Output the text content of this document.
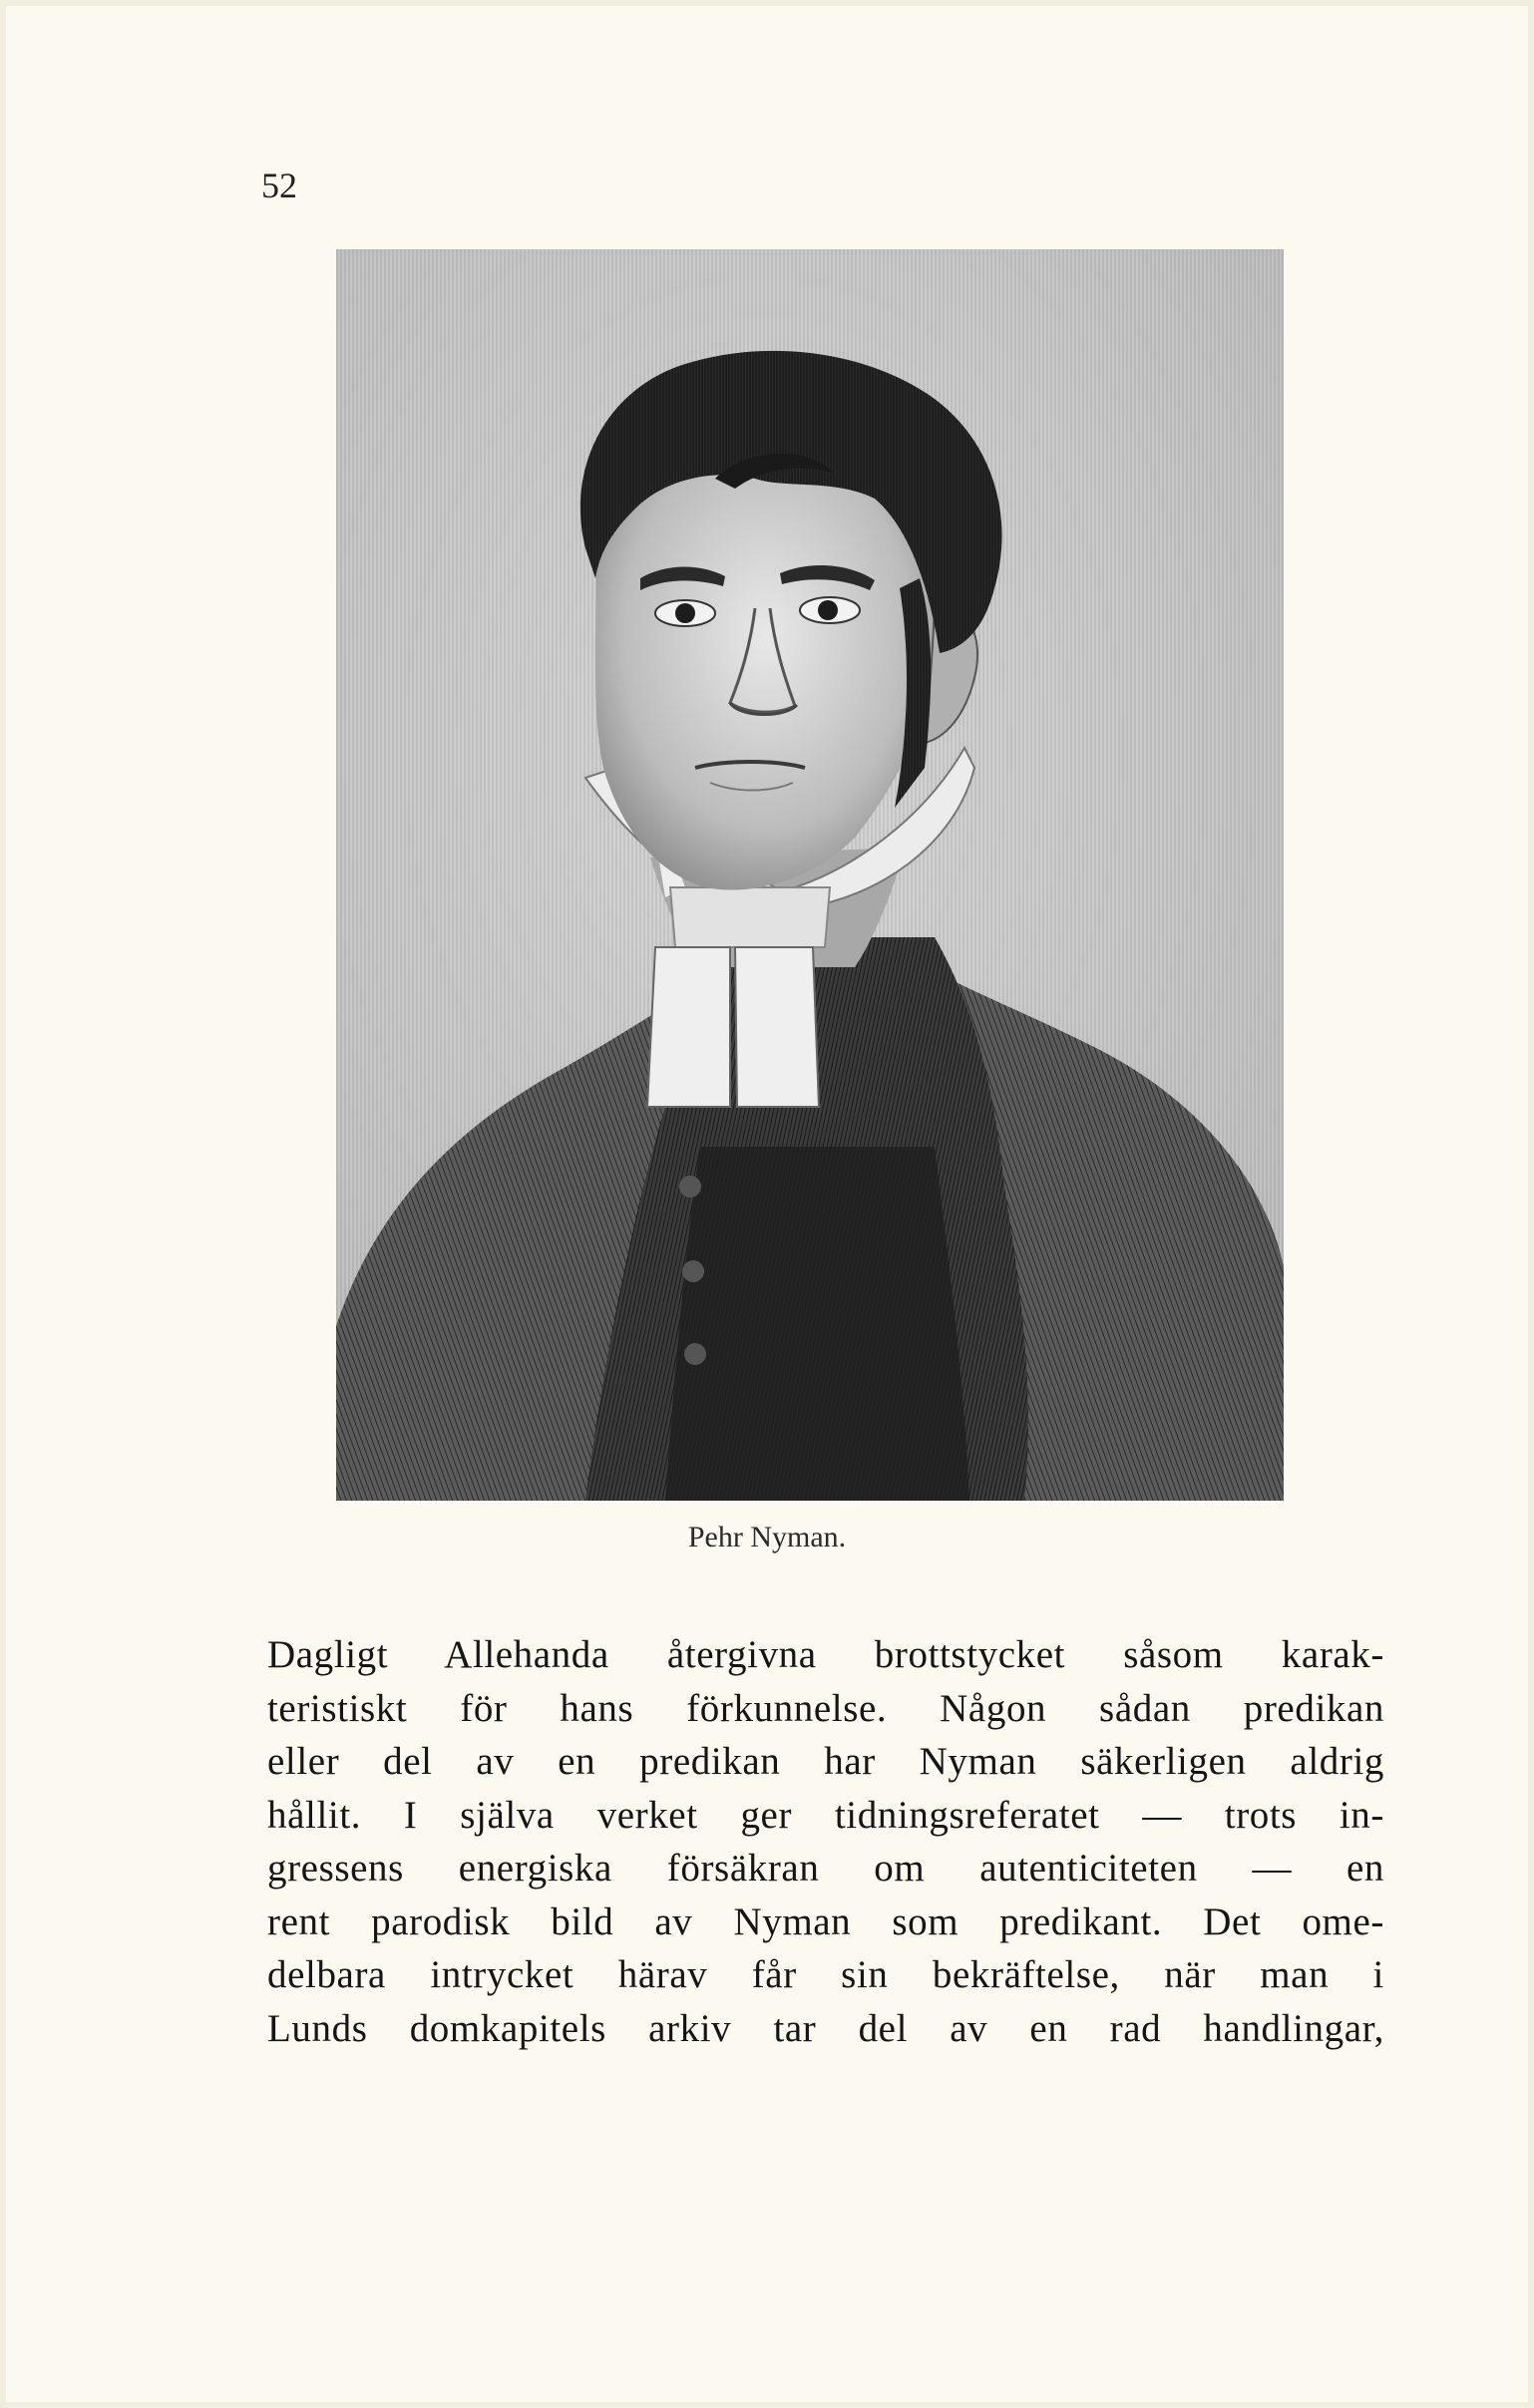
52
Pehr Nyman.
Dagligt Allehanda återgivna brottstycket såsom karak-
teristiskt för hans förkunnelse. Någon sådan predikan
eller del av en predikan har Nyman säkerligen aldrig
hållit. I själva verket ger tidningsreferatet — trots in-
gressens energiska försäkran om autenticiteten — en
rent parodisk bild av Nyman som predikant. Det ome-
delbara intrycket härav får sin bekräftelse, när man i
Lunds domkapitels arkiv tar del av en rad handlingar,
